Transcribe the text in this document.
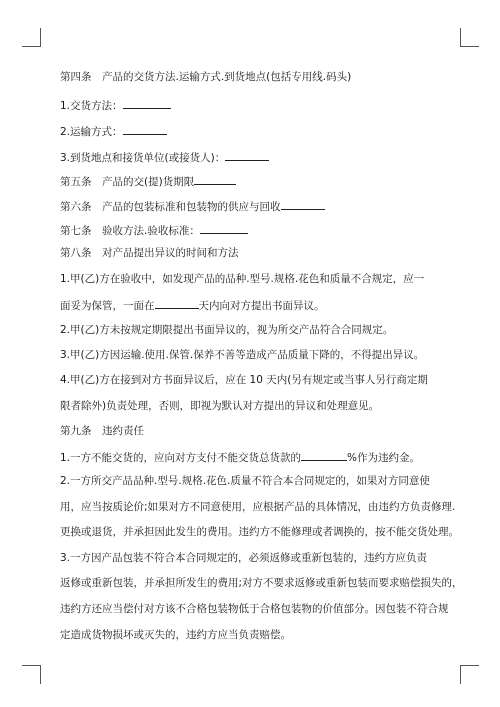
第四条　产品的交货方法.运输方式.到货地点(包括专用线.码头)

1.交货方法：

2.运输方式：

3.到货地点和接货单位(或接货人)：

第五条　产品的交(提)货期限

第六条　产品的包装标准和包装物的供应与回收

第七条　验收方法.验收标准：

第八条　对产品提出异议的时间和方法

1.甲(乙)方在验收中，如发现产品的品种.型号.规格.花色和质量不合规定，应一

面妥为保管，一面在	天内向对方提出书面异议。

2.甲(乙)方未按规定期限提出书面异议的，视为所交产品符合合同规定。

3.甲(乙)方因运输.使用.保管.保养不善等造成产品质量下降的，不得提出异议。

4.甲(乙)方在接到对方书面异议后，应在 10 天内(另有规定或当事人另行商定期

限者除外)负责处理，否则，即视为默认对方提出的异议和处理意见。

第九条　违约责任

1.一方不能交货的，应向对方支付不能交货总货款的	%作为违约金。

2.一方所交产品品种.型号.规格.花色.质量不符合本合同规定的，如果对方同意使

用，应当按质论价;如果对方不同意使用，应根据产品的具体情况，由违约方负责修理.

更换或退货，并承担因此发生的费用。违约方不能修理或者调换的，按不能交货处理。

3.一方因产品包装不符合本合同规定的，必须返修或重新包装的，违约方应负责

返修或重新包装，并承担所发生的费用;对方不要求返修或重新包装而要求赔偿损失的，

违约方还应当偿付对方该不合格包装物低于合格包装物的价值部分。因包装不符合规

定造成货物损坏或灭失的，违约方应当负责赔偿。
